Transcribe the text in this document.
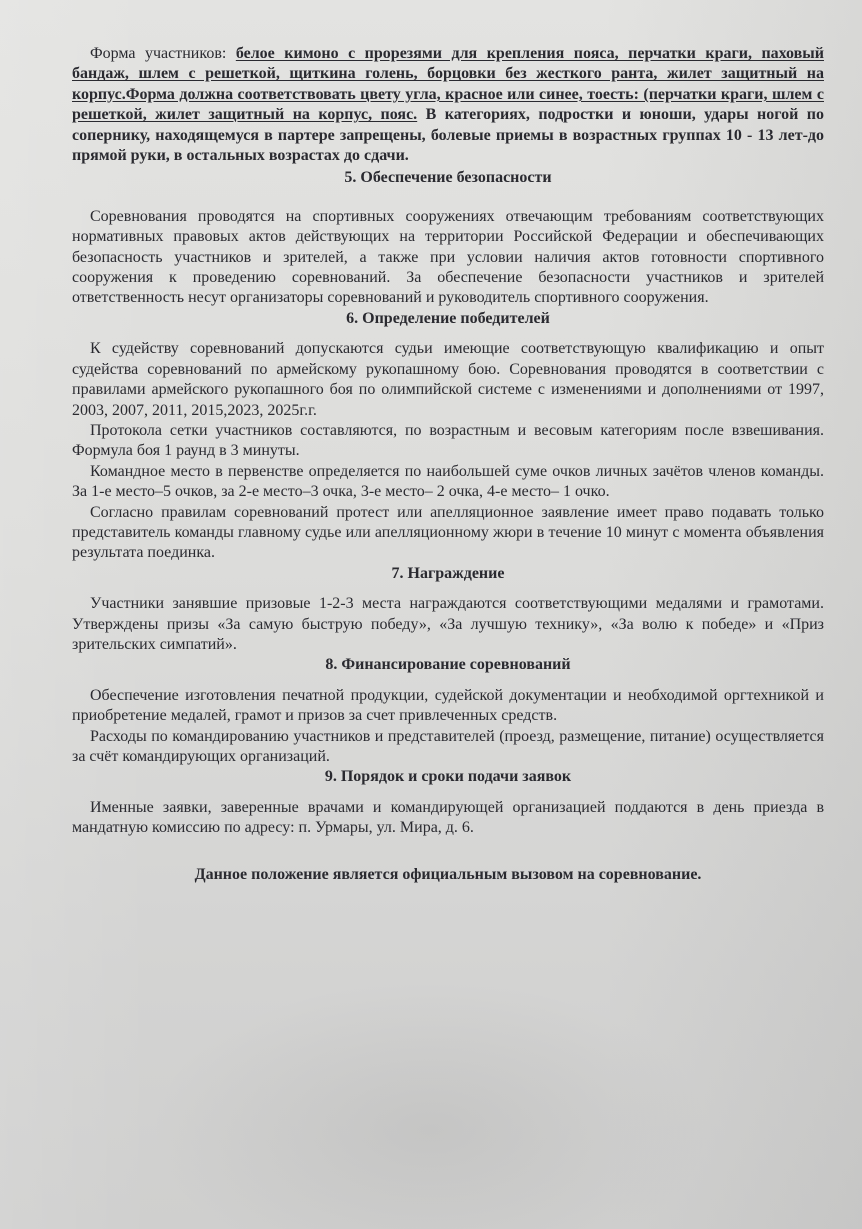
Форма участников: белое кимоно с прорезями для крепления пояса, перчатки краги, паховый бандаж, шлем с решеткой, щиткина голень, борцовки без жесткого ранта, жилет защитный на корпус.Форма должна соответствовать цвету угла, красное или синее, тоесть: (перчатки краги, шлем с решеткой, жилет защитный на корпус, пояс. В категориях, подростки и юноши, удары ногой по сопернику, находящемуся в партере запрещены, болевые приемы в возрастных группах 10 - 13 лет-до прямой руки, в остальных возрастах до сдачи.

5. Обеспечение безопасности

Соревнования проводятся на спортивных сооружениях отвечающим требованиям соответствующих нормативных правовых актов действующих на территории Российской Федерации и обеспечивающих безопасность участников и зрителей, а также при условии наличия актов готовности спортивного сооружения к проведению соревнований. За обеспечение безопасности участников и зрителей ответственность несут организаторы соревнований и руководитель спортивного сооружения.

6. Определение победителей

К судейству соревнований допускаются судьи имеющие соответствующую квалификацию и опыт судейства соревнований по армейскому рукопашному бою. Соревнования проводятся в соответствии с правилами армейского рукопашного боя по олимпийской системе с изменениями и дополнениями от 1997, 2003, 2007, 2011, 2015,2023, 2025г.г.

Протокола сетки участников составляются, по возрастным и весовым категориям после взвешивания. Формула боя 1 раунд в 3 минуты.

Командное место в первенстве определяется по наибольшей суме очков личных зачётов членов команды. За 1-е место–5 очков, за 2-е место–3 очка, 3-е место– 2 очка, 4-е место– 1 очко.

Согласно правилам соревнований протест или апелляционное заявление имеет право подавать только представитель команды главному судье или апелляционному жюри в течение 10 минут с момента объявления результата поединка.

7. Награждение

Участники занявшие призовые 1-2-3 места награждаются соответствующими медалями и грамотами. Утверждены призы «За самую быструю победу», «За лучшую технику», «За волю к победе» и «Приз зрительских симпатий».

8. Финансирование соревнований

Обеспечение изготовления печатной продукции, судейской документации и необходимой оргтехникой и приобретение медалей, грамот и призов за счет привлеченных средств.

Расходы по командированию участников и представителей (проезд, размещение, питание) осуществляется за счёт командирующих организаций.

9. Порядок и сроки подачи заявок

Именные заявки, заверенные врачами и командирующей организацией поддаются в день приезда в мандатную комиссию по адресу: п. Урмары, ул. Мира, д. 6.

Данное положение является официальным вызовом на соревнование.
